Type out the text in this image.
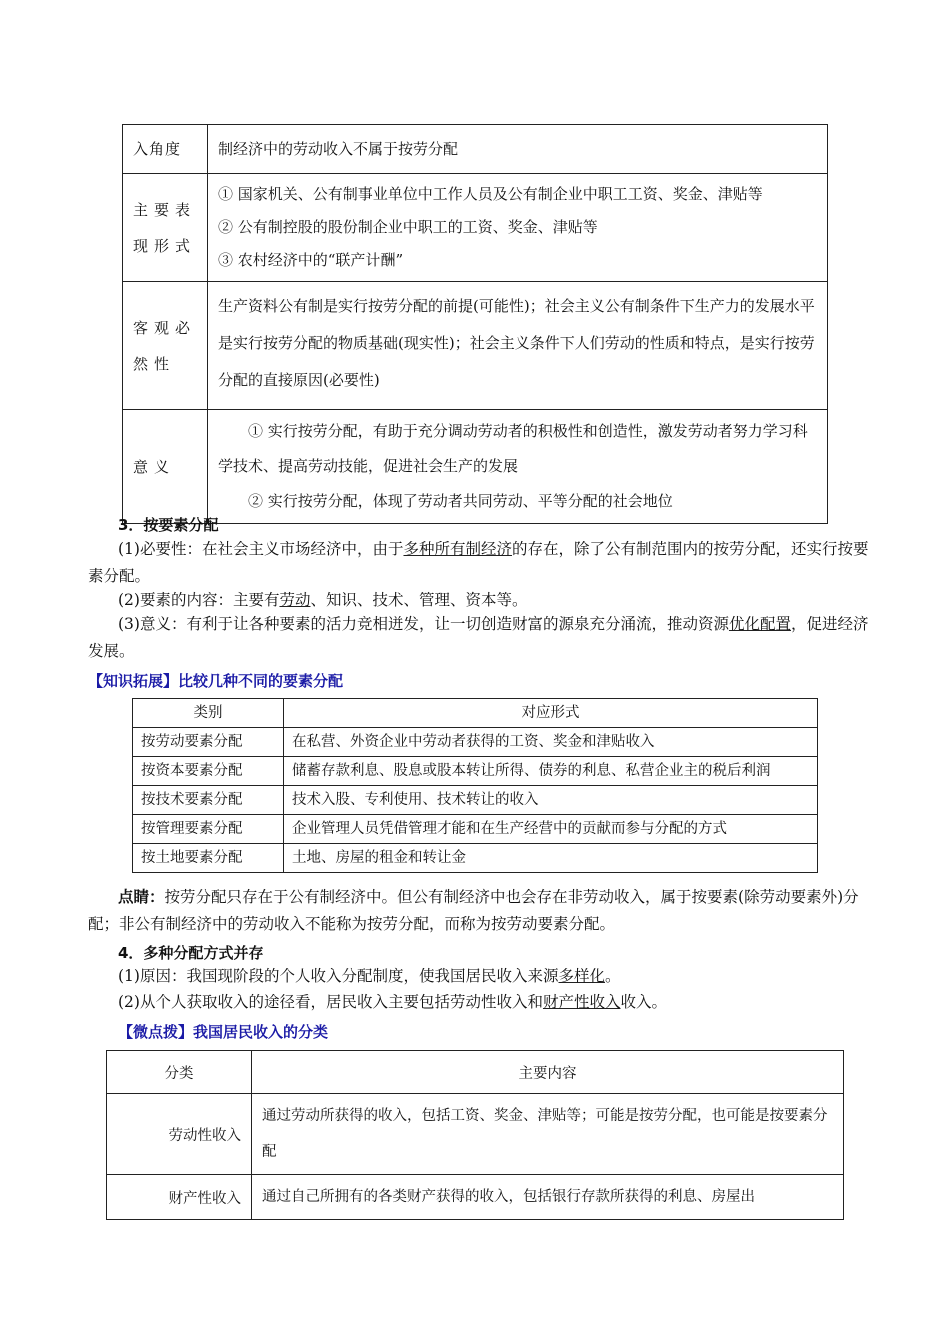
入角度	制经济中的劳动收入不属于按劳分配

主要表现形式	① 国家机关、公有制事业单位中工作人员及公有制企业中职工工资、奖金、津贴等
② 公有制控股的股份制企业中职工的工资、奖金、津贴等
③ 农村经济中的“联产计酬”

客观必然性	生产资料公有制是实行按劳分配的前提(可能性)；社会主义公有制条件下生产力的发展水平是实行按劳分配的物质基础(现实性)；社会主义条件下人们劳动的性质和特点，是实行按劳分配的直接原因(必要性)

意义	① 实行按劳分配，有助于充分调动劳动者的积极性和创造性，激发劳动者努力学习科学技术、提高劳动技能，促进社会生产的发展
② 实行按劳分配，体现了劳动者共同劳动、平等分配的社会地位
3．按要素分配
(1)必要性：在社会主义市场经济中，由于多种所有制经济的存在，除了公有制范围内的按劳分配，还实行按要素分配。
(2)要素的内容：主要有劳动、知识、技术、管理、资本等。
(3)意义：有利于让各种要素的活力竞相迸发，让一切创造财富的源泉充分涌流，推动资源优化配置，促进经济发展。
【知识拓展】比较几种不同的要素分配
类别	对应形式
按劳动要素分配	在私营、外资企业中劳动者获得的工资、奖金和津贴收入
按资本要素分配	储蓄存款利息、股息或股本转让所得、债券的利息、私营企业主的税后利润
按技术要素分配	技术入股、专利使用、技术转让的收入
按管理要素分配	企业管理人员凭借管理才能和在生产经营中的贡献而参与分配的方式
按土地要素分配	土地、房屋的租金和转让金
点睛：按劳分配只存在于公有制经济中。但公有制经济中也会存在非劳动收入，属于按要素(除劳动要素外)分配；非公有制经济中的劳动收入不能称为按劳分配，而称为按劳动要素分配。
4．多种分配方式并存
(1)原因：我国现阶段的个人收入分配制度，使我国居民收入来源多样化。
(2)从个人获取收入的途径看，居民收入主要包括劳动性收入和财产性收入收入。
【微点拨】我国居民收入的分类
分类	主要内容
劳动性收入	通过劳动所获得的收入，包括工资、奖金、津贴等；可能是按劳分配，也可能是按要素分配
财产性收入	通过自己所拥有的各类财产获得的收入，包括银行存款所获得的利息、房屋出
